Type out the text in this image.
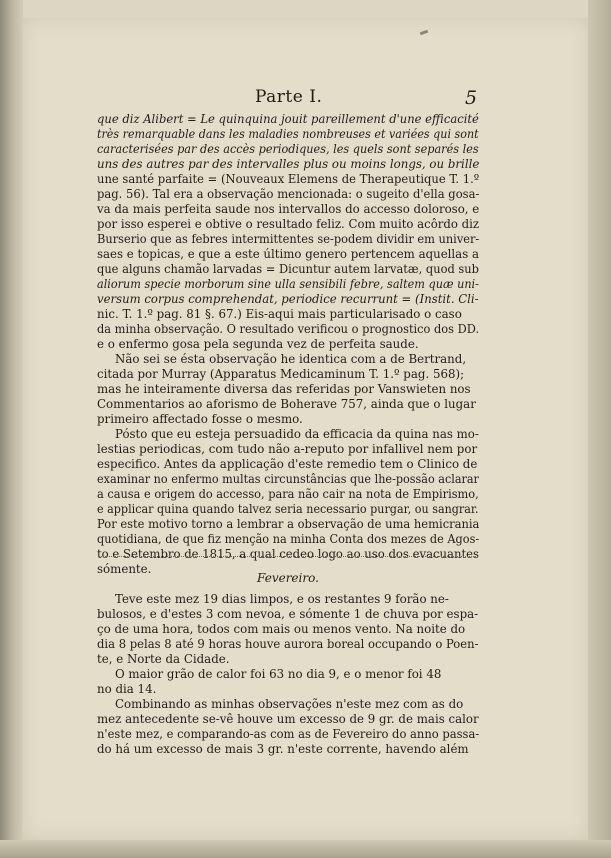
Parte I.	5
que diz Alibert = Le quinquina jouit pareillement d'une efficacité
très remarquable dans les maladies nombreuses et variées qui sont
caracterisées par des accès periodiques, les quels sont separés les
uns des autres par des intervalles plus ou moins longs, ou brille
une santé parfaite = (Nouveaux Elemens de Therapeutique T. 1.º
pag. 56). Tal era a observação mencionada: o sugeito d'ella gosa-
va da mais perfeita saude nos intervallos do accesso doloroso, e
por isso esperei e obtive o resultado feliz. Com muito acôrdo diz
Burserio que as febres intermittentes se-podem dividir em univer-
saes e topicas, e que a este último genero pertencem aquellas a
que alguns chamão larvadas = Dicuntur autem larvatæ, quod sub
aliorum specie morborum sine ulla sensibili febre, saltem quæ uni-
versum corpus comprehendat, periodice recurrunt = (Instit. Cli-
nic. T. 1.º pag. 81 §. 67.) Eis-aqui mais particularisado o caso
da minha observação. O resultado verificou o prognostico dos DD.
e o enfermo gosa pela segunda vez de perfeita saude.
Não sei se ésta observação he identica com a de Bertrand,
citada por Murray (Apparatus Medicaminum T. 1.º pag. 568);
mas he inteiramente diversa das referidas por Vanswieten nos
Commentarios ao aforismo de Boherave 757, ainda que o lugar
primeiro affectado fosse o mesmo.
Pósto que eu esteja persuadido da efficacia da quina nas mo-
lestias periodicas, com tudo não a-reputo por infallivel nem por
especifico. Antes da applicação d'este remedio tem o Clinico de
examinar no enfermo multas circunstâncias que lhe-possão aclarar
a causa e origem do accesso, para não cair na nota de Empirismo,
e applicar quina quando talvez seria necessario purgar, ou sangrar.
Por este motivo torno a lembrar a observação de uma hemicrania
quotidiana, de que fiz menção na minha Conta dos mezes de Agos-
to e Setembro de 1815, a qual cedeo logo ao uso dos evacuantes
sómente.
Fevereiro.
Teve este mez 19 dias limpos, e os restantes 9 forão ne-
bulosos, e d'estes 3 com nevoa, e sómente 1 de chuva por espa-
ço de uma hora, todos com mais ou menos vento. Na noite do
dia 8 pelas 8 até 9 horas houve aurora boreal occupando o Poen-
te, e Norte da Cidade.
O maior grão de calor foi 63 no dia 9, e o menor foi 48
no dia 14.
Combinando as minhas observações n'este mez com as do
mez antecedente se-vê houve um excesso de 9 gr. de mais calor
n'este mez, e comparando-as com as de Fevereiro do anno passa-
do há um excesso de mais 3 gr. n'este corrente, havendo além
